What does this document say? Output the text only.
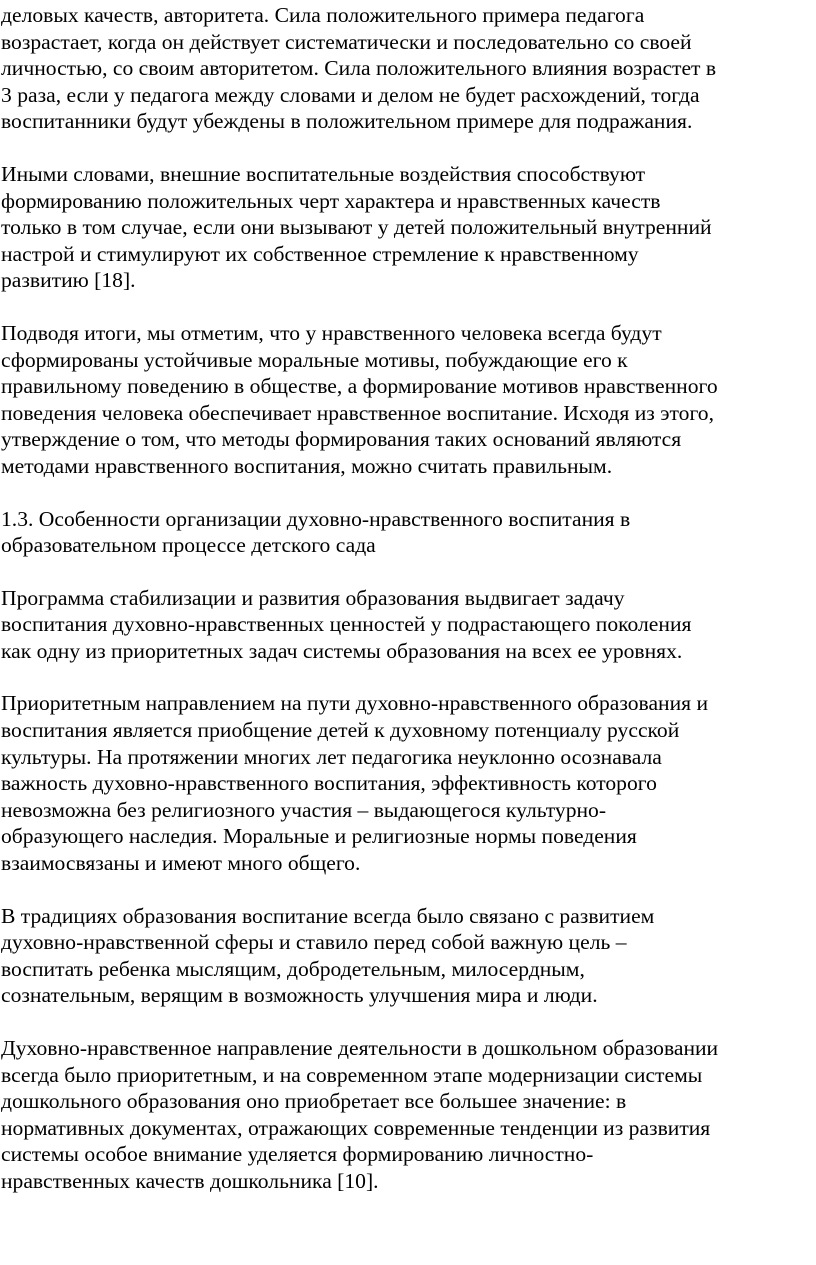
деловых качеств, авторитета. Сила положительного примера педагога
возрастает, когда он действует систематически и последовательно со своей
личностью, со своим авторитетом. Сила положительного влияния возрастет в
3 раза, если у педагога между словами и делом не будет расхождений, тогда
воспитанники будут убеждены в положительном примере для подражания.

Иными словами, внешние воспитательные воздействия способствуют
формированию положительных черт характера и нравственных качеств
только в том случае, если они вызывают у детей положительный внутренний
настрой и стимулируют их собственное стремление к нравственному
развитию [18].

Подводя итоги, мы отметим, что у нравственного человека всегда будут
сформированы устойчивые моральные мотивы, побуждающие его к
правильному поведению в обществе, а формирование мотивов нравственного
поведения человека обеспечивает нравственное воспитание. Исходя из этого,
утверждение о том, что методы формирования таких оснований являются
методами нравственного воспитания, можно считать правильным.

1.3. Особенности организации духовно-нравственного воспитания в
образовательном процессе детского сада

Программа стабилизации и развития образования выдвигает задачу
воспитания духовно-нравственных ценностей у подрастающего поколения
как одну из приоритетных задач системы образования на всех ее уровнях.

Приоритетным направлением на пути духовно-нравственного образования и
воспитания является приобщение детей к духовному потенциалу русской
культуры. На протяжении многих лет педагогика неуклонно осознавала
важность духовно-нравственного воспитания, эффективность которого
невозможна без религиозного участия – выдающегося культурно-
образующего наследия. Моральные и религиозные нормы поведения
взаимосвязаны и имеют много общего.

В традициях образования воспитание всегда было связано с развитием
духовно-нравственной сферы и ставило перед собой важную цель –
воспитать ребенка мыслящим, добродетельным, милосердным,
сознательным, верящим в возможность улучшения мира и люди.

Духовно-нравственное направление деятельности в дошкольном образовании
всегда было приоритетным, и на современном этапе модернизации системы
дошкольного образования оно приобретает все большее значение: в
нормативных документах, отражающих современные тенденции из развития
системы особое внимание уделяется формированию личностно-
нравственных качеств дошкольника [10].
